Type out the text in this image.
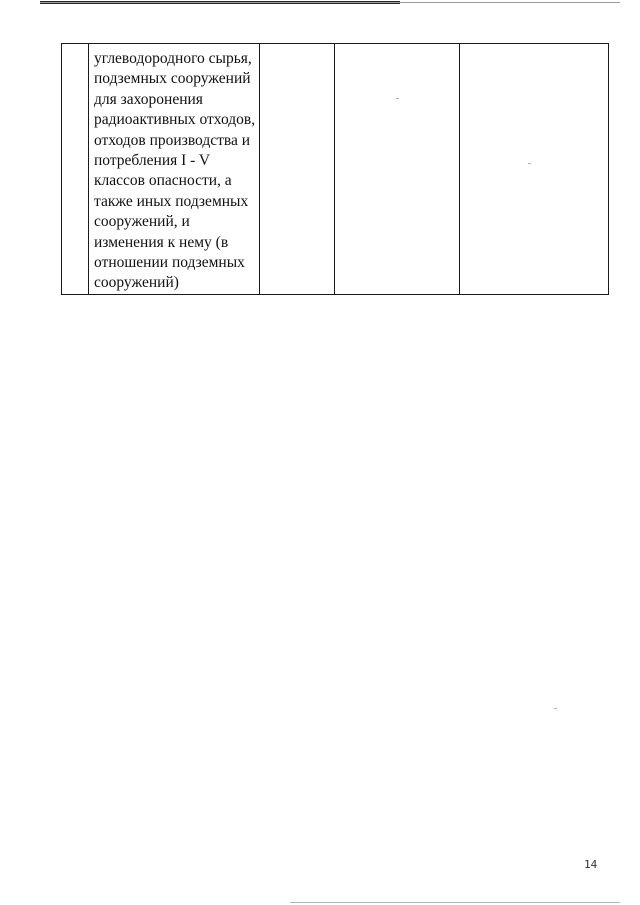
углеводородного сырья,
подземных сооружений
для захоронения
радиоактивных отходов,
отходов производства и
потребления I - V
классов опасности, а
также иных подземных
сооружений, и
изменения к нему (в
отношении подземных
сооружений)

14
